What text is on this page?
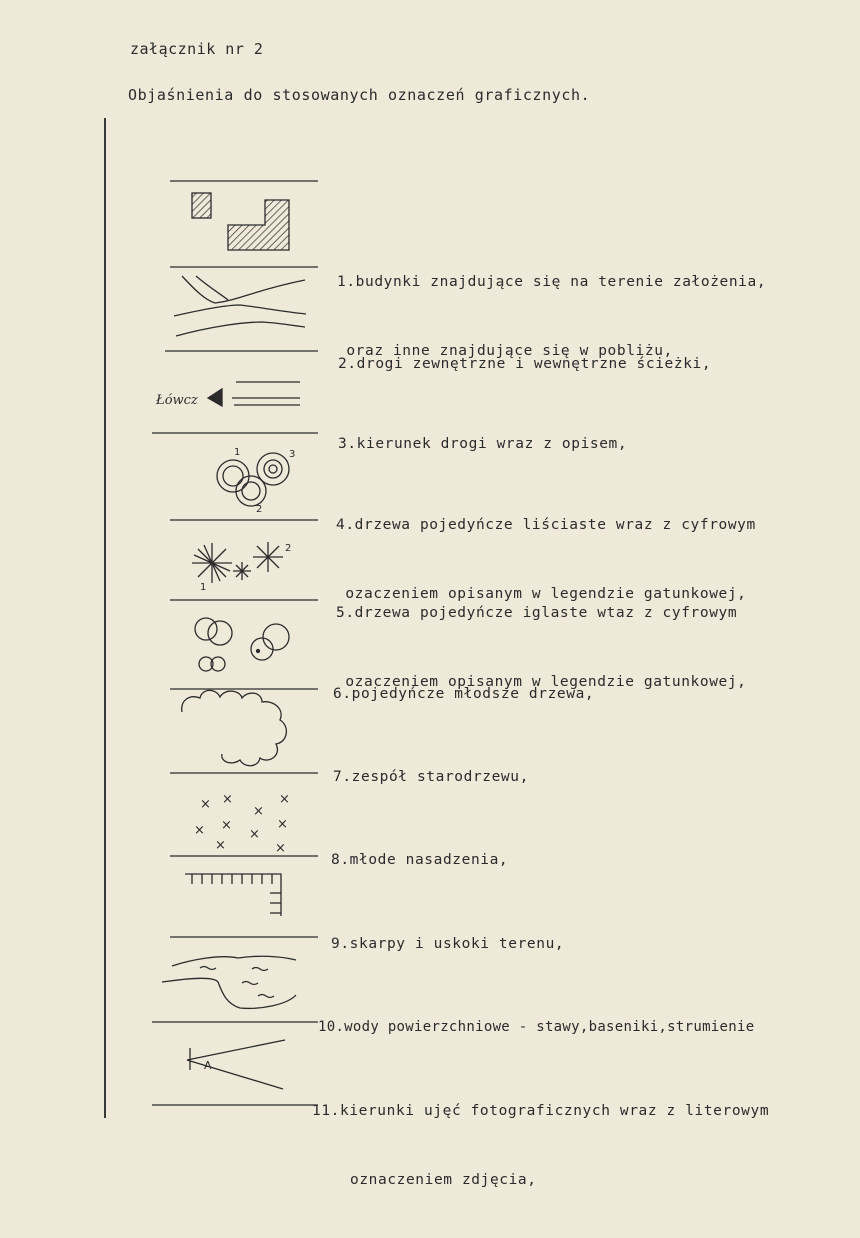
załącznik nr 2
Objaśnienia do stosowanych oznaczeń graficznych.
Łówcz
1
2
3
1
2
× ×
×
×
× ×
×
×
×	×
A

1.budynki znajdujące się na terenie założenia,

oraz inne znajdujące się w pobliżu,

2.drogi zewnętrzne i wewnętrzne ścieżki,

3.kierunek drogi wraz z opisem,

4.drzewa pojedyńcze liściaste wraz z cyfrowym

ozaczeniem opisanym w legendzie gatunkowej,

5.drzewa pojedyńcze iglaste wtaz z cyfrowym

ozaczeniem opisanym w legendzie gatunkowej,

6.pojedyńcze młodsze drzewa,

7.zespół starodrzewu,

8.młode nasadzenia,

9.skarpy i uskoki terenu,

10.wody powierzchniowe - stawy,baseniki,strumienie

11.kierunki ujęć fotograficznych wraz z literowym

oznaczeniem zdjęcia,
